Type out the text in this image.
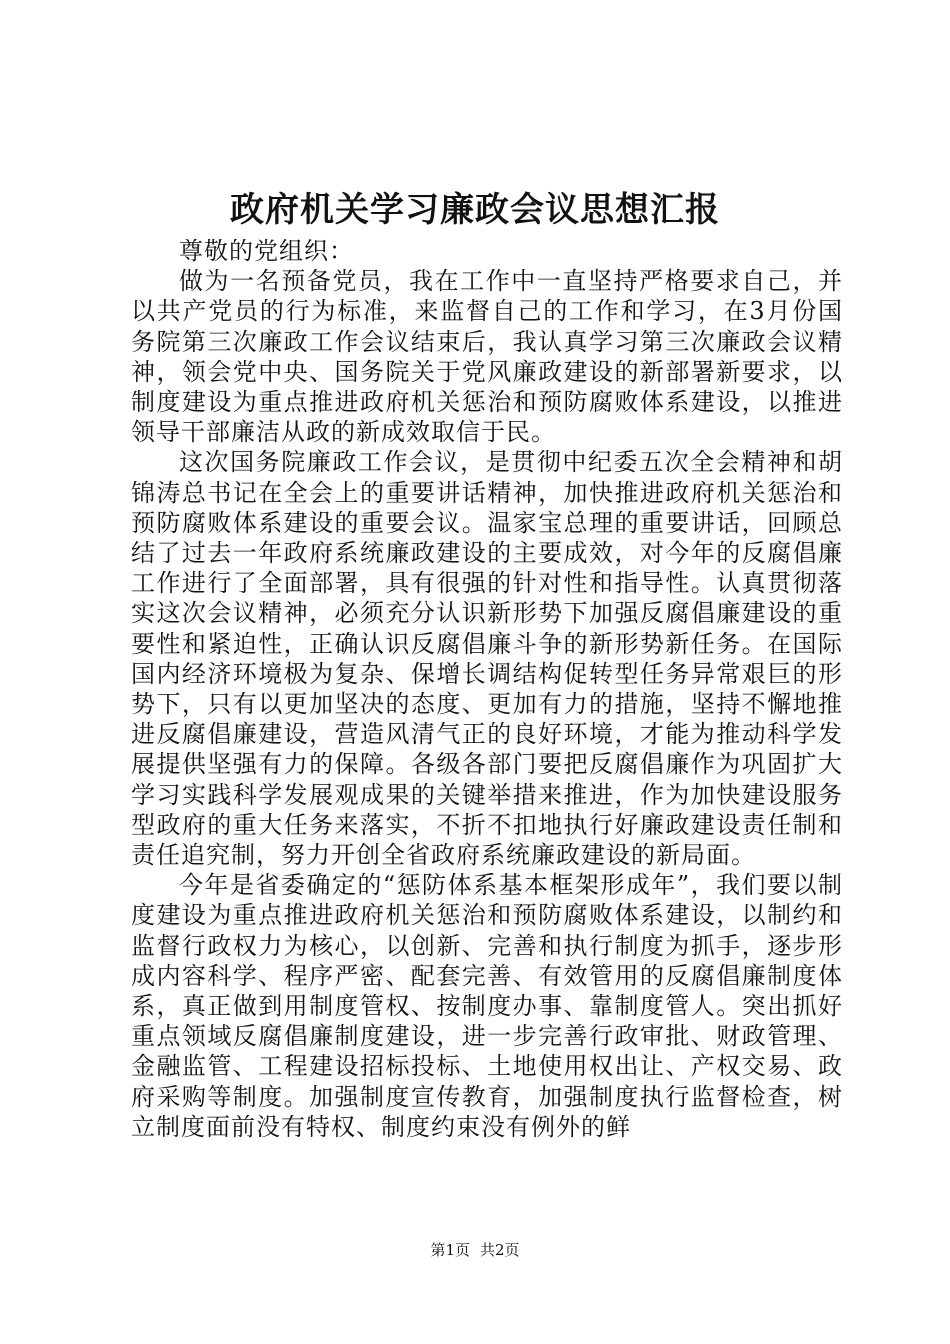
政府机关学习廉政会议思想汇报

尊敬的党组织：

做为一名预备党员，我在工作中一直坚持严格要求自己，并以共产党员的行为标准，来监督自己的工作和学习，在3月份国务院第三次廉政工作会议结束后，我认真学习第三次廉政会议精神，领会党中央、国务院关于党风廉政建设的新部署新要求，以制度建设为重点推进政府机关惩治和预防腐败体系建设，以推进领导干部廉洁从政的新成效取信于民。

这次国务院廉政工作会议，是贯彻中纪委五次全会精神和胡锦涛总书记在全会上的重要讲话精神，加快推进政府机关惩治和预防腐败体系建设的重要会议。温家宝总理的重要讲话，回顾总结了过去一年政府系统廉政建设的主要成效，对今年的反腐倡廉工作进行了全面部署，具有很强的针对性和指导性。认真贯彻落实这次会议精神，必须充分认识新形势下加强反腐倡廉建设的重要性和紧迫性，正确认识反腐倡廉斗争的新形势新任务。在国际国内经济环境极为复杂、保增长调结构促转型任务异常艰巨的形势下，只有以更加坚决的态度、更加有力的措施，坚持不懈地推进反腐倡廉建设，营造风清气正的良好环境，才能为推动科学发展提供坚强有力的保障。各级各部门要把反腐倡廉作为巩固扩大学习实践科学发展观成果的关键举措来推进，作为加快建设服务型政府的重大任务来落实，不折不扣地执行好廉政建设责任制和责任追究制，努力开创全省政府系统廉政建设的新局面。

今年是省委确定的“惩防体系基本框架形成年”，我们要以制度建设为重点推进政府机关惩治和预防腐败体系建设，以制约和监督行政权力为核心，以创新、完善和执行制度为抓手，逐步形成内容科学、程序严密、配套完善、有效管用的反腐倡廉制度体系，真正做到用制度管权、按制度办事、靠制度管人。突出抓好重点领域反腐倡廉制度建设，进一步完善行政审批、财政管理、金融监管、工程建设招标投标、土地使用权出让、产权交易、政府采购等制度。加强制度宣传教育，加强制度执行监督检查，树立制度面前没有特权、制度约束没有例外的鲜

第1页 共2页
